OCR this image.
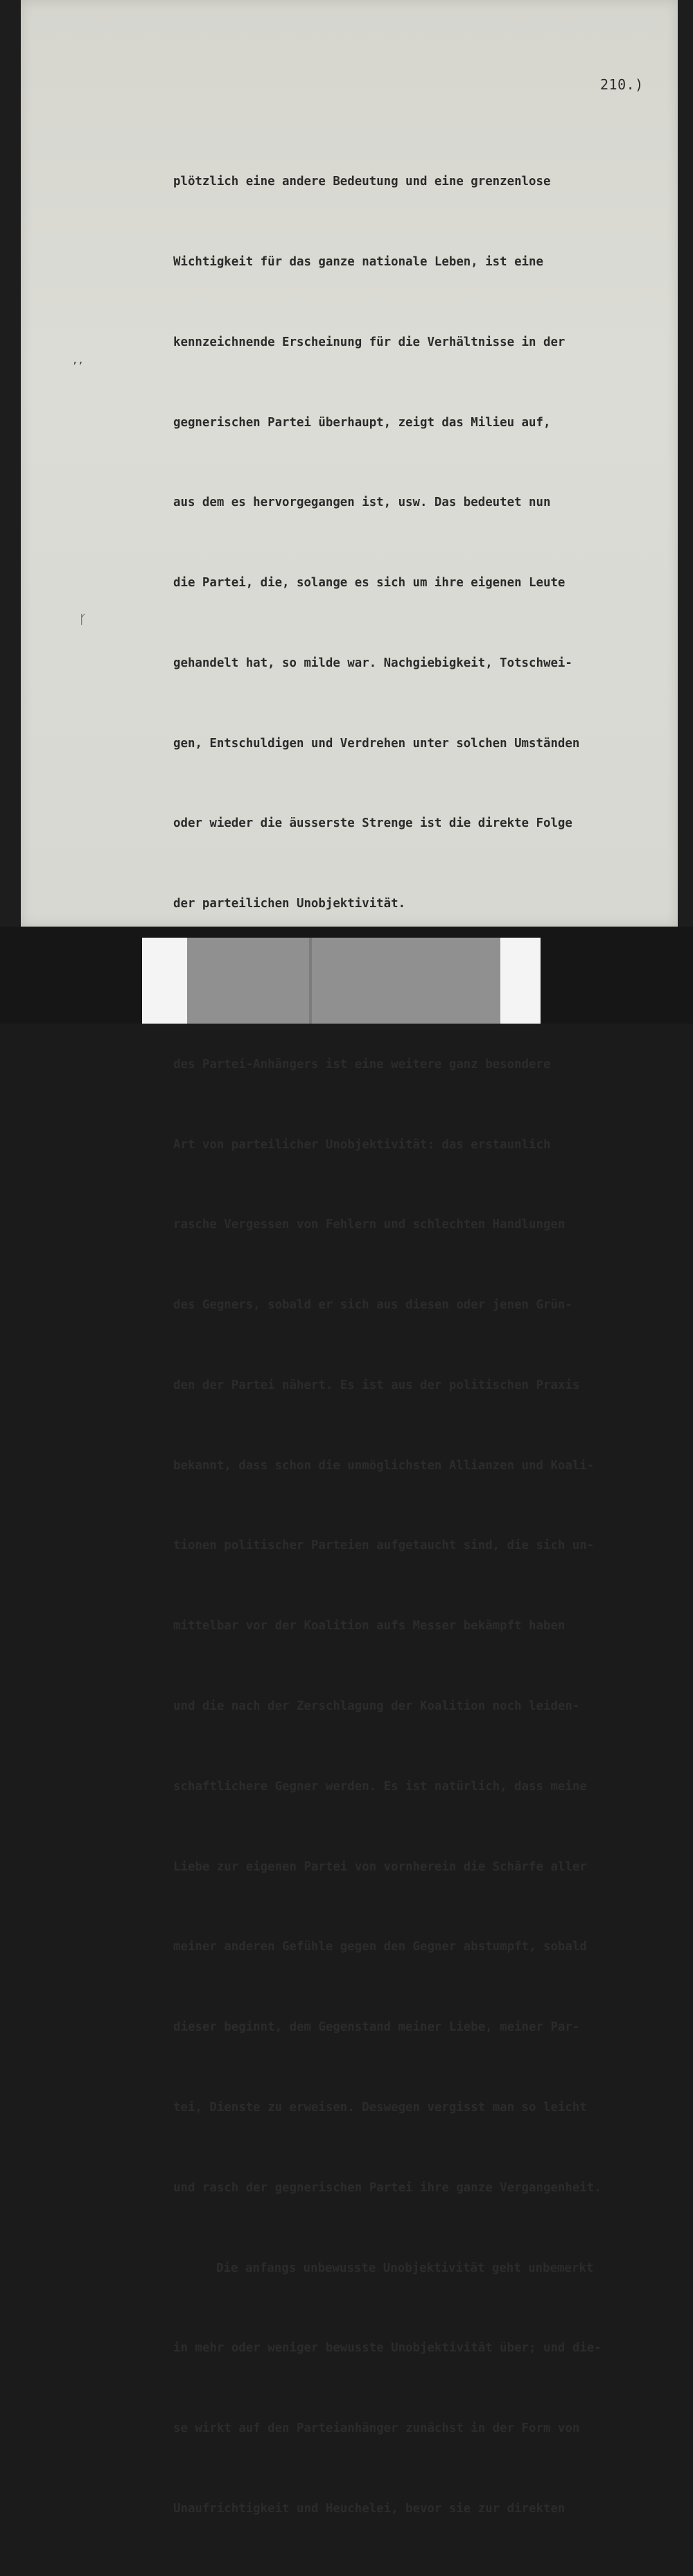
210.)
,,
ᚴ

plötzlich eine andere Bedeutung und eine grenzenlose

Wichtigkeit für das ganze nationale Leben, ist eine

kennzeichnende Erscheinung für die Verhältnisse in der

gegnerischen Partei überhaupt, zeigt das Milieu auf,

aus dem es hervorgegangen ist, usw. Das bedeutet nun

die Partei, die, solange es sich um ihre eigenen Leute

gehandelt hat, so milde war. Nachgiebigkeit, Totschwei-

gen, Entschuldigen und Verdrehen unter solchen Umständen

oder wieder die äusserste Strenge ist die direkte Folge

der parteilichen Unobjektivität.

des Partei-Anhängers ist eine weitere ganz besondere

Art von parteilicher Unobjektivität: das erstaunlich

rasche Vergessen von Fehlern und schlechten Handlungen

des Gegners, sobald er sich aus diesen oder jenen Grün-

den der Partei nähert. Es ist aus der politischen Praxis

bekannt, dass schon die unmöglichsten Allianzen und Koali-

tionen politischer Parteien aufgetaucht sind, die sich un-

mittelbar vor der Koalition aufs Messer bekämpft haben

und die nach der Zerschlagung der Koalition noch leiden-

schaftlichere Gegner werden. Es ist natürlich, dass meine

Liebe zur eigenen Partei von vornherein die Schärfe aller

meiner anderen Gefühle gegen den Gegner abstumpft, sobald

dieser beginnt, dem Gegenstand meiner Liebe, meiner Par-

tei, Dienste zu erweisen. Deswegen vergisst man so leicht

und rasch der gegnerischen Partei ihre ganze Vergangenheit.

Die anfangs unbewusste Unobjektivität geht unbemerkt

in mehr oder weniger bewusste Unobjektivität über; und die-

se wirkt auf den Parteianhänger zunächst in der Form von

Unaufrichtigkeit und Heuchelei, bevor sie zur direkten
